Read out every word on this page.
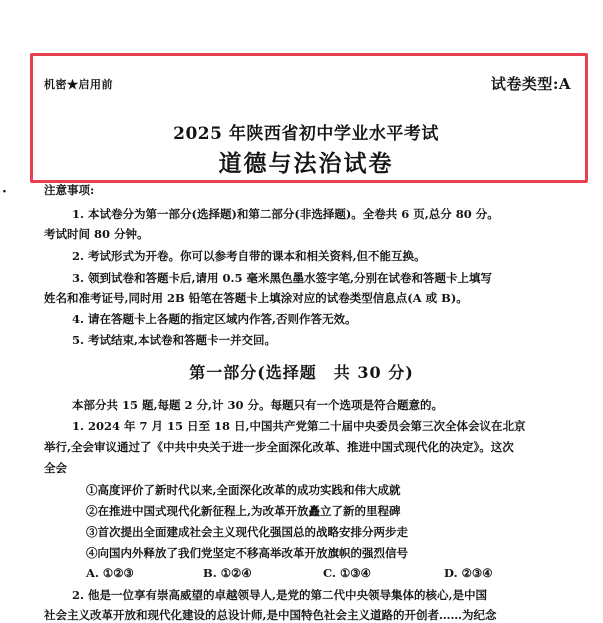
机密★启用前	试卷类型:A
2025 年陕西省初中学业水平考试
道德与法治试卷
·	注意事项:
1. 本试卷分为第一部分(选择题)和第二部分(非选择题)。全卷共 6 页,总分 80 分。
考试时间 80 分钟。
2. 考试形式为开卷。你可以参考自带的课本和相关资料,但不能互换。
3. 领到试卷和答题卡后,请用 0.5 毫米黑色墨水签字笔,分别在试卷和答题卡上填写
姓名和准考证号,同时用 2B 铅笔在答题卡上填涂对应的试卷类型信息点(A 或 B)。
4. 请在答题卡上各题的指定区域内作答,否则作答无效。
5. 考试结束,本试卷和答题卡一并交回。
第一部分(选择题　共 30 分)
本部分共 15 题,每题 2 分,计 30 分。每题只有一个选项是符合题意的。
1. 2024 年 7 月 15 日至 18 日,中国共产党第二十届中央委员会第三次全体会议在北京
举行,全会审议通过了《中共中央关于进一步全面深化改革、推进中国式现代化的决定》。这次
全会
①高度评价了新时代以来,全面深化改革的成功实践和伟大成就
②在推进中国式现代化新征程上,为改革开放矗立了新的里程碑
③首次提出全面建成社会主义现代化强国总的战略安排分两步走
④向国内外释放了我们党坚定不移高举改革开放旗帜的强烈信号
A. ①②③	B. ①②④	C. ①③④	D. ②③④
2. 他是一位享有崇高威望的卓越领导人,是党的第二代中央领导集体的核心,是中国
社会主义改革开放和现代化建设的总设计师,是中国特色社会主义道路的开创者……为纪念
